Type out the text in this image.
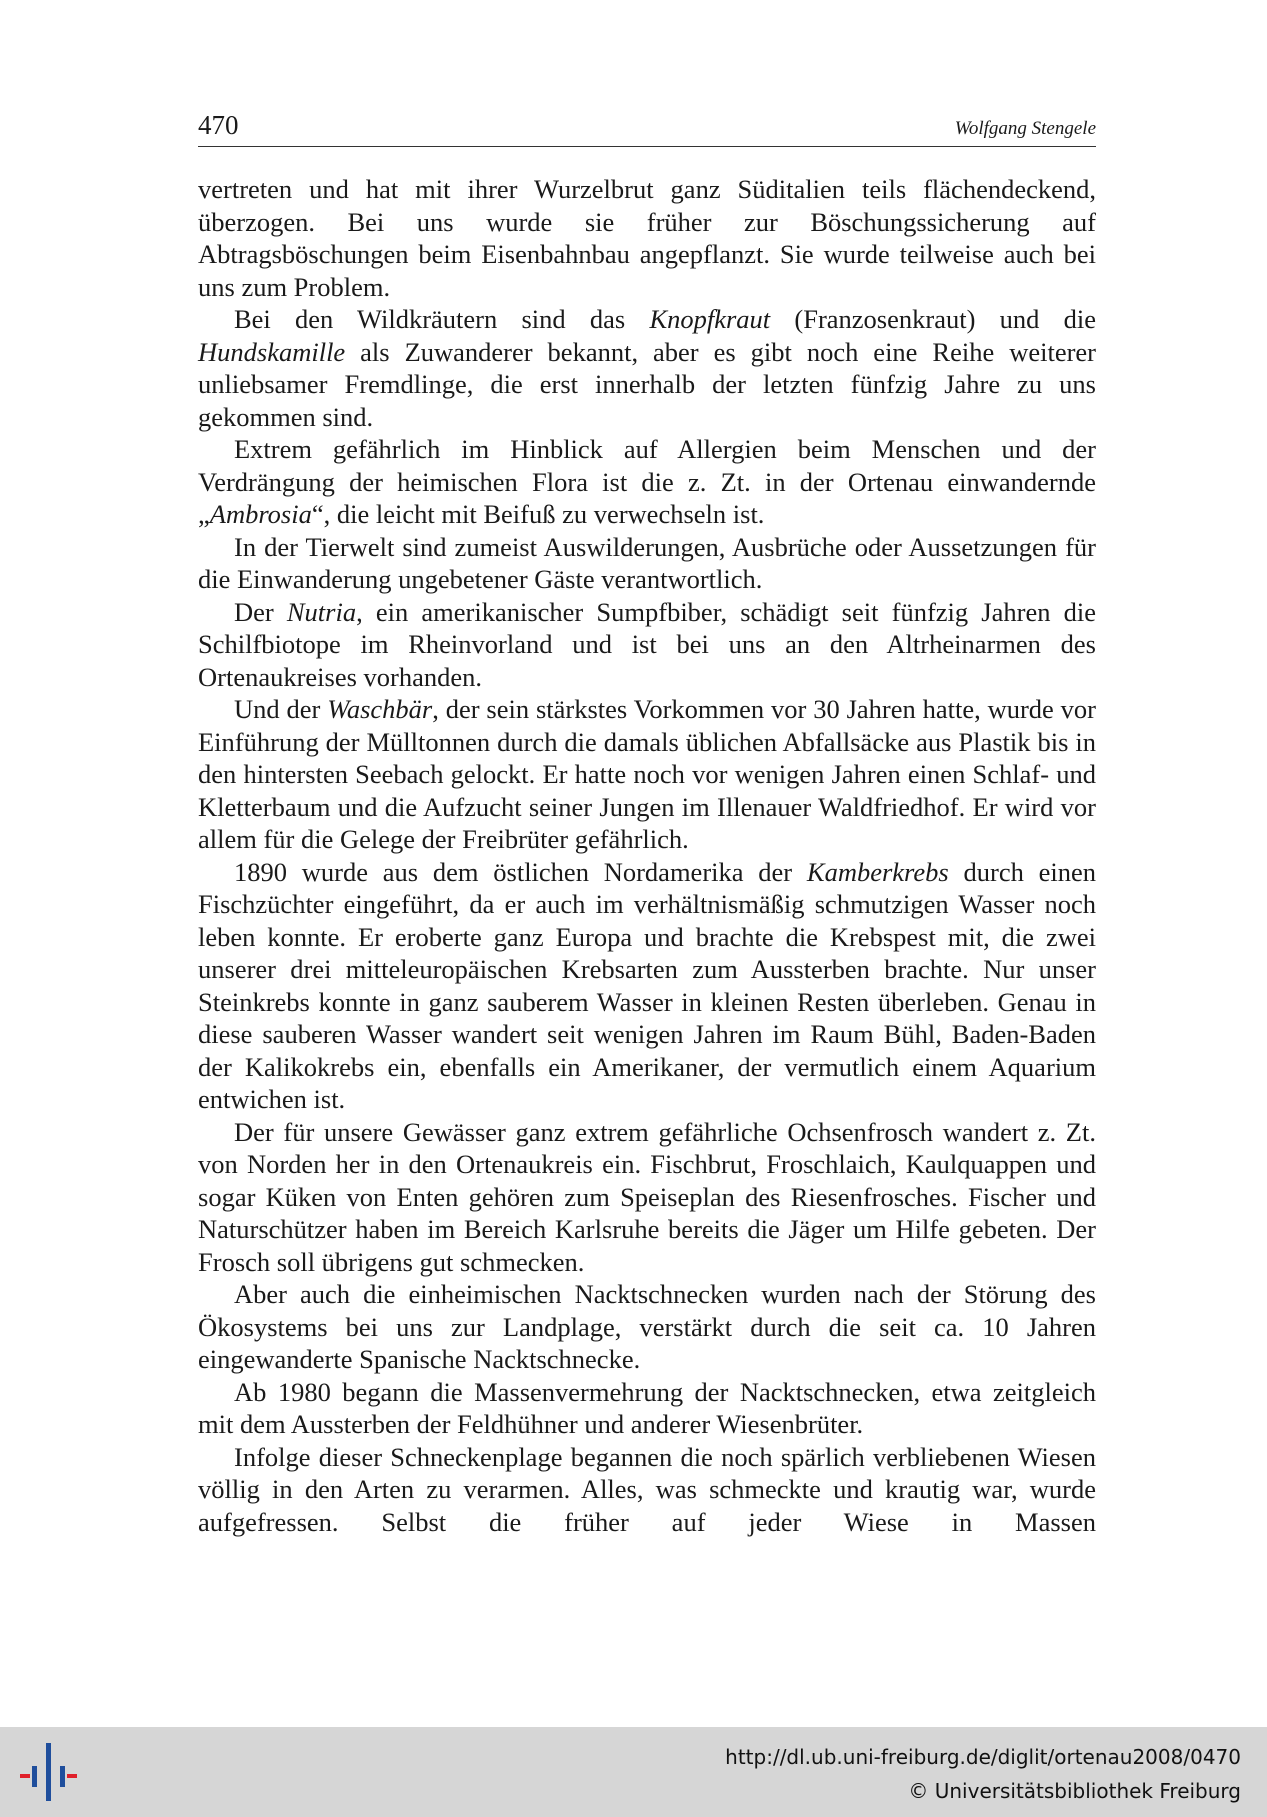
470	Wolfgang Stengele

vertreten und hat mit ihrer Wurzelbrut ganz Süditalien teils flächendeckend, überzogen. Bei uns wurde sie früher zur Böschungssicherung auf Abtragsböschungen beim Eisenbahnbau angepflanzt. Sie wurde teilweise auch bei uns zum Problem.

Bei den Wildkräutern sind das Knopfkraut (Franzosenkraut) und die Hundskamille als Zuwanderer bekannt, aber es gibt noch eine Reihe weiterer unliebsamer Fremdlinge, die erst innerhalb der letzten fünfzig Jahre zu uns gekommen sind.

Extrem gefährlich im Hinblick auf Allergien beim Menschen und der Verdrängung der heimischen Flora ist die z. Zt. in der Ortenau einwandernde „Ambrosia“, die leicht mit Beifuß zu verwechseln ist.

In der Tierwelt sind zumeist Auswilderungen, Ausbrüche oder Aussetzungen für die Einwanderung ungebetener Gäste verantwortlich.

Der Nutria, ein amerikanischer Sumpfbiber, schädigt seit fünfzig Jahren die Schilfbiotope im Rheinvorland und ist bei uns an den Altrheinarmen des Ortenaukreises vorhanden.

Und der Waschbär, der sein stärkstes Vorkommen vor 30 Jahren hatte, wurde vor Einführung der Mülltonnen durch die damals üblichen Abfallsäcke aus Plastik bis in den hintersten Seebach gelockt. Er hatte noch vor wenigen Jahren einen Schlaf- und Kletterbaum und die Aufzucht seiner Jungen im Illenauer Waldfriedhof. Er wird vor allem für die Gelege der Freibrüter gefährlich.

1890 wurde aus dem östlichen Nordamerika der Kamberkrebs durch einen Fischzüchter eingeführt, da er auch im verhältnismäßig schmutzigen Wasser noch leben konnte. Er eroberte ganz Europa und brachte die Krebspest mit, die zwei unserer drei mitteleuropäischen Krebsarten zum Aussterben brachte. Nur unser Steinkrebs konnte in ganz sauberem Wasser in kleinen Resten überleben. Genau in diese sauberen Wasser wandert seit wenigen Jahren im Raum Bühl, Baden-Baden der Kalikokrebs ein, ebenfalls ein Amerikaner, der vermutlich einem Aquarium entwichen ist.

Der für unsere Gewässer ganz extrem gefährliche Ochsenfrosch wandert z. Zt. von Norden her in den Ortenaukreis ein. Fischbrut, Froschlaich, Kaulquappen und sogar Küken von Enten gehören zum Speiseplan des Riesenfrosches. Fischer und Naturschützer haben im Bereich Karlsruhe bereits die Jäger um Hilfe gebeten. Der Frosch soll übrigens gut schmecken.

Aber auch die einheimischen Nacktschnecken wurden nach der Störung des Ökosystems bei uns zur Landplage, verstärkt durch die seit ca. 10 Jahren eingewanderte Spanische Nacktschnecke.

Ab 1980 begann die Massenvermehrung der Nacktschnecken, etwa zeitgleich mit dem Aussterben der Feldhühner und anderer Wiesenbrüter.

Infolge dieser Schneckenplage begannen die noch spärlich verbliebenen Wiesen völlig in den Arten zu verarmen. Alles, was schmeckte und krautig war, wurde aufgefressen. Selbst die früher auf jeder Wiese in Massen

http://dl.ub.uni-freiburg.de/diglit/ortenau2008/0470
© Universitätsbibliothek Freiburg
